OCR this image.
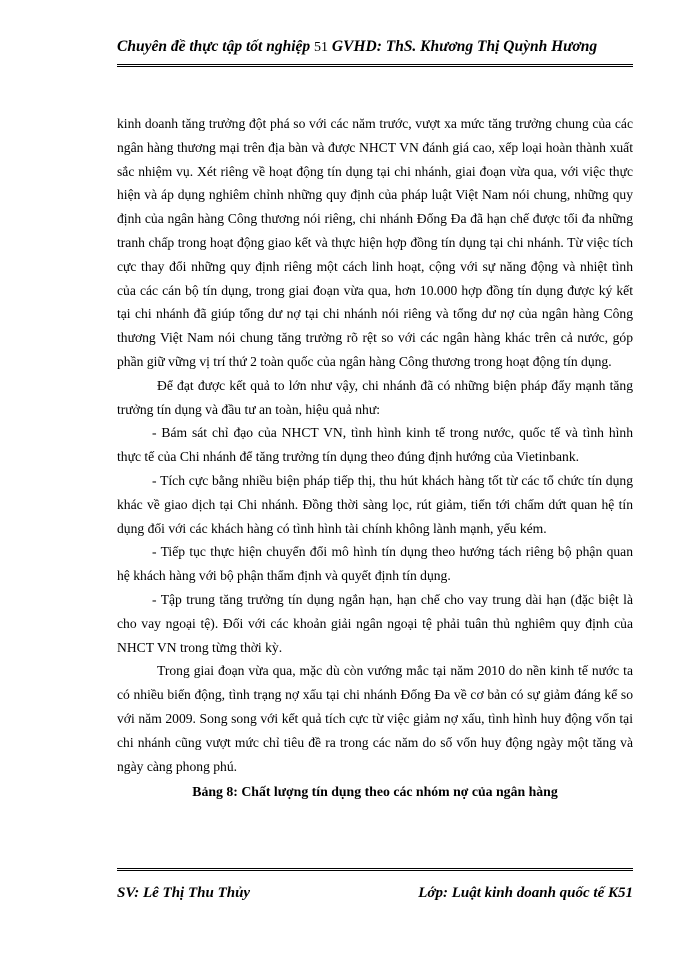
Chuyên đề thực tập tốt nghiệp 51 GVHD: ThS. Khương Thị Quỳnh Hương

kinh doanh tăng trưởng đột phá so với các năm trước, vượt xa mức tăng trưởng chung của các ngân hàng thương mại trên địa bàn và được NHCT VN đánh giá cao, xếp loại hoàn thành xuất sắc nhiệm vụ. Xét riêng về hoạt động tín dụng tại chi nhánh, giai đoạn vừa qua, với việc thực hiện và áp dụng nghiêm chỉnh những quy định của pháp luật Việt Nam nói chung, những quy định của ngân hàng Công thương nói riêng, chi nhánh Đống Đa đã hạn chế được tối đa những tranh chấp trong hoạt động giao kết và thực hiện hợp đồng tín dụng tại chi nhánh. Từ việc tích cực thay đổi những quy định riêng một cách linh hoạt, cộng với sự năng động và nhiệt tình của các cán bộ tín dụng, trong giai đoạn vừa qua, hơn 10.000 hợp đồng tín dụng được ký kết tại chi nhánh đã giúp tổng dư nợ tại chi nhánh nói riêng và tổng dư nợ của ngân hàng Công thương Việt Nam nói chung tăng trưởng rõ rệt so với các ngân hàng khác trên cả nước, góp phần giữ vững vị trí thứ 2 toàn quốc của ngân hàng Công thương trong hoạt động tín dụng.

Để đạt được kết quả to lớn như vậy, chi nhánh đã có những biện pháp đẩy mạnh tăng trưởng tín dụng và đầu tư an toàn, hiệu quả như:

- Bám sát chỉ đạo của NHCT VN, tình hình kinh tế trong nước, quốc tế và tình hình thực tế của Chi nhánh để tăng trưởng tín dụng theo đúng định hướng của Vietinbank.

- Tích cực bằng nhiều biện pháp tiếp thị, thu hút khách hàng tốt từ các tổ chức tín dụng khác về giao dịch tại Chi nhánh. Đồng thời sàng lọc, rút giảm, tiến tới chấm dứt quan hệ tín dụng đối với các khách hàng có tình hình tài chính không lành mạnh, yếu kém.

- Tiếp tục thực hiện chuyển đổi mô hình tín dụng theo hướng tách riêng bộ phận quan hệ khách hàng với bộ phận thẩm định và quyết định tín dụng.

- Tập trung tăng trưởng tín dụng ngắn hạn, hạn chế cho vay trung dài hạn (đặc biệt là cho vay ngoại tệ). Đối với các khoản giải ngân ngoại tệ phải tuân thủ nghiêm quy định của NHCT VN trong từng thời kỳ.

Trong giai đoạn vừa qua, mặc dù còn vướng mắc tại năm 2010 do nền kinh tế nước ta có nhiều biến động, tình trạng nợ xấu tại chi nhánh Đống Đa về cơ bản có sự giảm đáng kể so với năm 2009. Song song với kết quả tích cực từ việc giảm nợ xấu, tình hình huy động vốn tại chi nhánh cũng vượt mức chỉ tiêu đề ra trong các năm do số vốn huy động ngày một tăng và ngày càng phong phú.

Bảng 8: Chất lượng tín dụng theo các nhóm nợ của ngân hàng

SV: Lê Thị Thu Thủy	Lớp: Luật kinh doanh quốc tế K51
